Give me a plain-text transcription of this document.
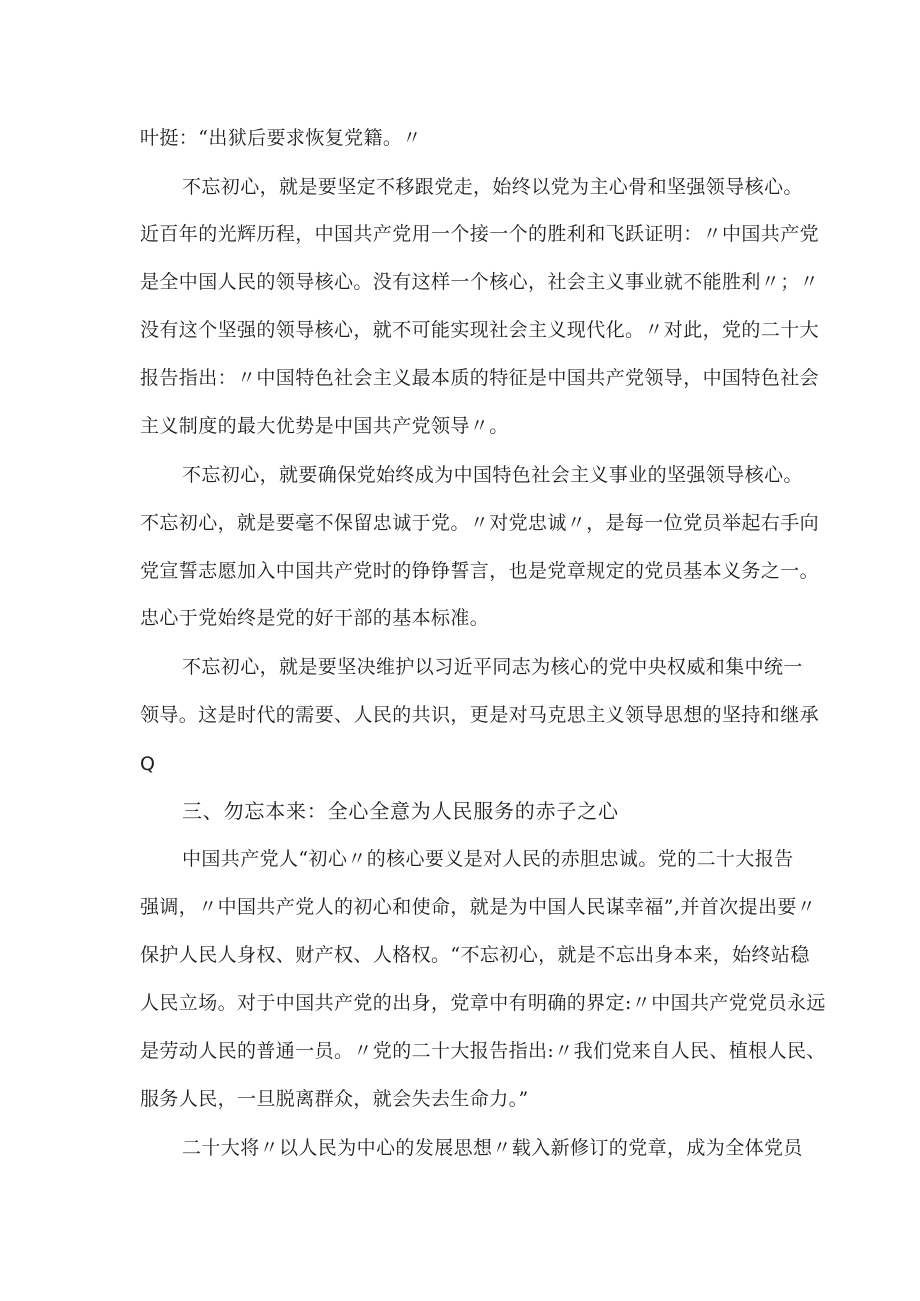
叶挺：“出狱后要求恢复党籍。〃
不忘初心，就是要坚定不移跟党走，始终以党为主心骨和坚强领导核心。
近百年的光辉历程，中国共产党用一个接一个的胜利和飞跃证明：〃中国共产党
是全中国人民的领导核心。没有这样一个核心，社会主义事业就不能胜利〃；〃
没有这个坚强的领导核心，就不可能实现社会主义现代化。〃对此，党的二十大
报告指出：〃中国特色社会主义最本质的特征是中国共产党领导，中国特色社会
主义制度的最大优势是中国共产党领导〃。
不忘初心，就要确保党始终成为中国特色社会主义事业的坚强领导核心。
不忘初心，就是要毫不保留忠诚于党。〃对党忠诚〃，是每一位党员举起右手向
党宣誓志愿加入中国共产党时的铮铮誓言，也是党章规定的党员基本义务之一。
忠心于党始终是党的好干部的基本标准。
不忘初心，就是要坚决维护以习近平同志为核心的党中央权威和集中统一
领导。这是时代的需要、人民的共识，更是对马克思主义领导思想的坚持和继承
Q
三、勿忘本来：全心全意为人民服务的赤子之心
中国共产党人“初心〃的核心要义是对人民的赤胆忠诚。党的二十大报告
强调，〃中国共产党人的初心和使命，就是为中国人民谋幸福”,并首次提出要〃
保护人民人身权、财产权、人格权。“不忘初心，就是不忘出身本来，始终站稳
人民立场。对于中国共产党的出身，党章中有明确的界定:〃中国共产党党员永远
是劳动人民的普通一员。〃党的二十大报告指出:〃我们党来自人民、植根人民、
服务人民，一旦脱离群众，就会失去生命力。”
二十大将〃以人民为中心的发展思想〃载入新修订的党章，成为全体党员
